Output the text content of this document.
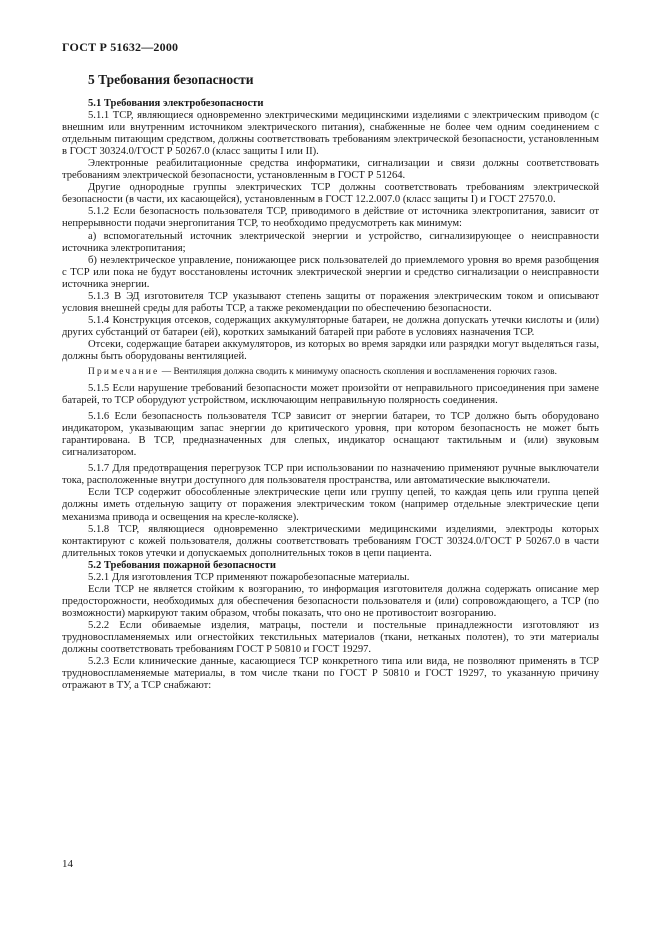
ГОСТ Р 51632—2000
5 Требования безопасности
5.1 Требования электробезопасности

5.1.1 ТСР, являющиеся одновременно электрическими медицинскими изделиями с электрическим приводом (с внешним или внутренним источником электрического питания), снабженные не более чем одним соединением с отдельным питающим средством, должны соответствовать требованиям электрической безопасности, установленным в ГОСТ 30324.0/ГОСТ Р 50267.0 (класс защиты I или II).

Электронные реабилитационные средства информатики, сигнализации и связи должны соответствовать требованиям электрической безопасности, установленным в ГОСТ Р 51264.

Другие однородные группы электрических ТСР должны соответствовать требованиям электрической безопасности (в части, их касающейся), установленным в ГОСТ 12.2.007.0 (класс защиты I) и ГОСТ 27570.0.

5.1.2 Если безопасность пользователя ТСР, приводимого в действие от источника электропитания, зависит от непрерывности подачи энергопитания ТСР, то необходимо предусмотреть как минимум:

а) вспомогательный источник электрической энергии и устройство, сигнализирующее о неисправности источника электропитания;

б) неэлектрическое управление, понижающее риск пользователей до приемлемого уровня во время разобщения с ТСР или пока не будут восстановлены источник электрической энергии и средство сигнализации о неисправности источника энергии.

5.1.3 В ЭД изготовителя ТСР указывают степень защиты от поражения электрическим током и описывают условия внешней среды для работы ТСР, а также рекомендации по обеспечению безопасности.

5.1.4 Конструкция отсеков, содержащих аккумуляторные батареи, не должна допускать утечки кислоты и (или) других субстанций от батареи (ей), коротких замыканий батарей при работе в условиях назначения ТСР.

Отсеки, содержащие батареи аккумуляторов, из которых во время зарядки или разрядки могут выделяться газы, должны быть оборудованы вентиляцией.

Примечание — Вентиляция должна сводить к минимуму опасность скопления и воспламенения горючих газов.

5.1.5 Если нарушение требований безопасности может произойти от неправильного присоединения при замене батарей, то ТСР оборудуют устройством, исключающим неправильную полярность соединения.

5.1.6 Если безопасность пользователя ТСР зависит от энергии батареи, то ТСР должно быть оборудовано индикатором, указывающим запас энергии до критического уровня, при котором безопасность не может быть гарантирована. В ТСР, предназначенных для слепых, индикатор оснащают тактильным и (или) звуковым сигнализатором.

5.1.7 Для предотвращения перегрузок ТСР при использовании по назначению применяют ручные выключатели тока, расположенные внутри доступного для пользователя пространства, или автоматические выключатели.

Если ТСР содержит обособленные электрические цепи или группу цепей, то каждая цепь или группа цепей должны иметь отдельную защиту от поражения электрическим током (например отдельные электрические цепи механизма привода и освещения на кресле-коляске).

5.1.8 ТСР, являющиеся одновременно электрическими медицинскими изделиями, электроды которых контактируют с кожей пользователя, должны соответствовать требованиям ГОСТ 30324.0/ГОСТ Р 50267.0 в части длительных токов утечки и допускаемых дополнительных токов в цепи пациента.

5.2 Требования пожарной безопасности

5.2.1 Для изготовления ТСР применяют пожаробезопасные материалы.

Если ТСР не является стойким к возгоранию, то информация изготовителя должна содержать описание мер предосторожности, необходимых для обеспечения безопасности пользователя и (или) сопровождающего, а ТСР (по возможности) маркируют таким образом, чтобы показать, что оно не противостоит возгоранию.

5.2.2 Если обиваемые изделия, матрацы, постели и постельные принадлежности изготовляют из трудновоспламеняемых или огнестойких текстильных материалов (ткани, нетканых полотен), то эти материалы должны соответствовать требованиям ГОСТ Р 50810 и ГОСТ 19297.

5.2.3 Если клинические данные, касающиеся ТСР конкретного типа или вида, не позволяют применять в ТСР трудновоспламеняемые материалы, в том числе ткани по ГОСТ Р 50810 и ГОСТ 19297, то указанную причину отражают в ТУ, а ТСР снабжают:

14
